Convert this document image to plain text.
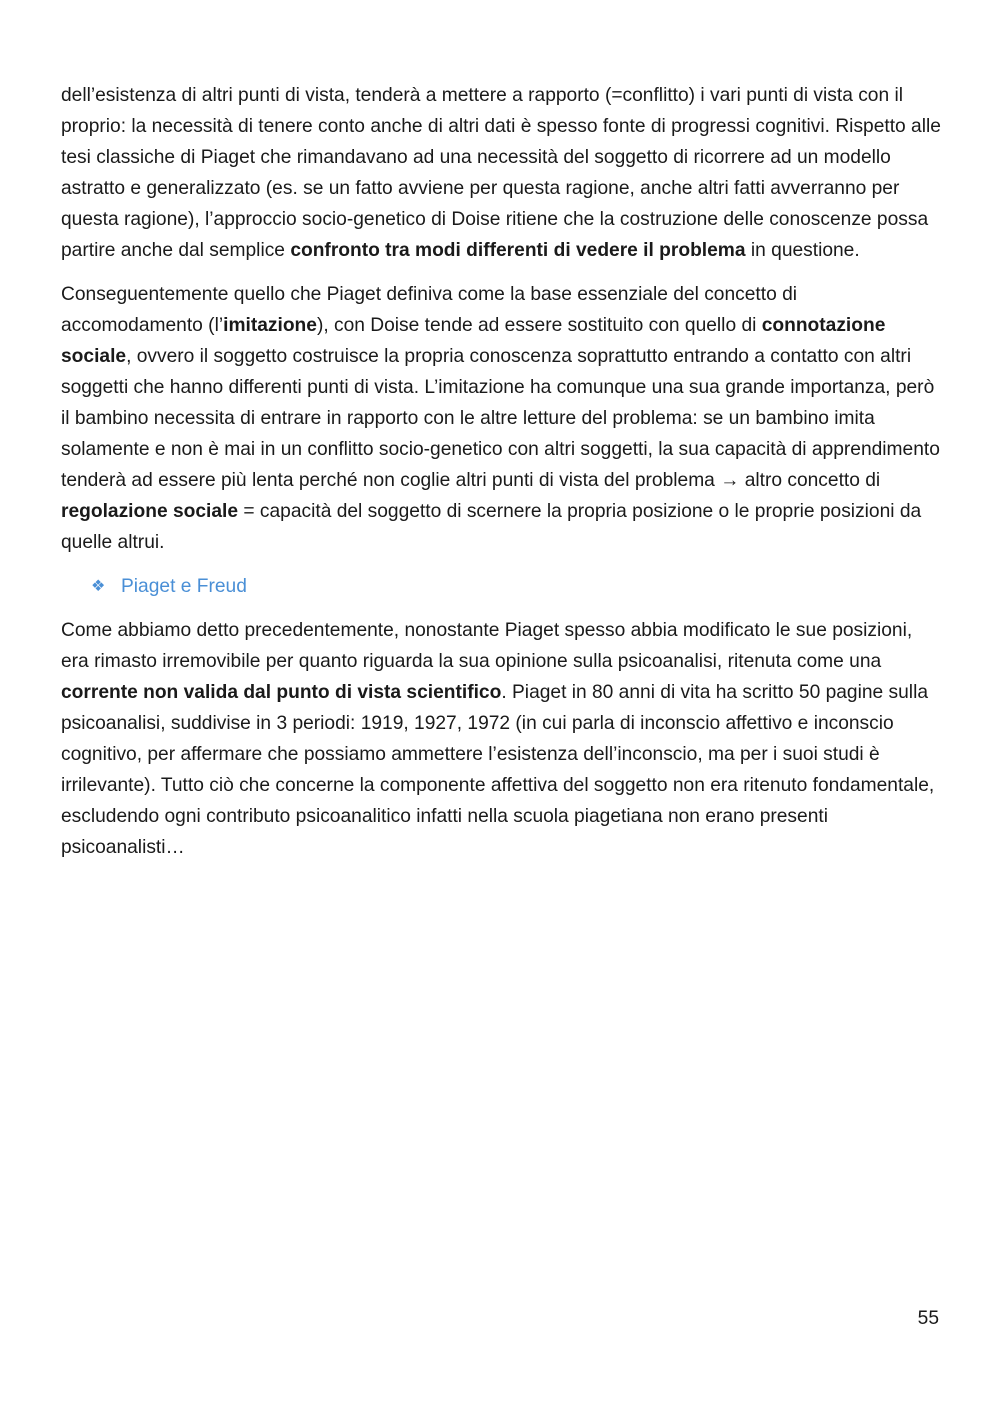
dell’esistenza di altri punti di vista, tenderà a mettere a rapporto (=conflitto) i vari punti di vista con il proprio: la necessità di tenere conto anche di altri dati è spesso fonte di progressi cognitivi. Rispetto alle tesi classiche di Piaget che rimandavano ad una necessità del soggetto di ricorrere ad un modello astratto e generalizzato (es. se un fatto avviene per questa ragione, anche altri fatti avverranno per questa ragione), l’approccio socio-genetico di Doise ritiene che la costruzione delle conoscenze possa partire anche dal semplice confronto tra modi differenti di vedere il problema in questione.

Conseguentemente quello che Piaget definiva come la base essenziale del concetto di accomodamento (l’imitazione), con Doise tende ad essere sostituito con quello di connotazione sociale, ovvero il soggetto costruisce la propria conoscenza soprattutto entrando a contatto con altri soggetti che hanno differenti punti di vista. L’imitazione ha comunque una sua grande importanza, però il bambino necessita di entrare in rapporto con le altre letture del problema: se un bambino imita solamente e non è mai in un conflitto socio-genetico con altri soggetti, la sua capacità di apprendimento tenderà ad essere più lenta perché non coglie altri punti di vista del problema → altro concetto di regolazione sociale = capacità del soggetto di scernere la propria posizione o le proprie posizioni da quelle altrui.

❖ Piaget e Freud

Come abbiamo detto precedentemente, nonostante Piaget spesso abbia modificato le sue posizioni, era rimasto irremovibile per quanto riguarda la sua opinione sulla psicoanalisi, ritenuta come una corrente non valida dal punto di vista scientifico. Piaget in 80 anni di vita ha scritto 50 pagine sulla psicoanalisi, suddivise in 3 periodi: 1919, 1927, 1972 (in cui parla di inconscio affettivo e inconscio cognitivo, per affermare che possiamo ammettere l’esistenza dell’inconscio, ma per i suoi studi è irrilevante). Tutto ciò che concerne la componente affettiva del soggetto non era ritenuto fondamentale, escludendo ogni contributo psicoanalitico infatti nella scuola piagetiana non erano presenti psicoanalisti…

55
